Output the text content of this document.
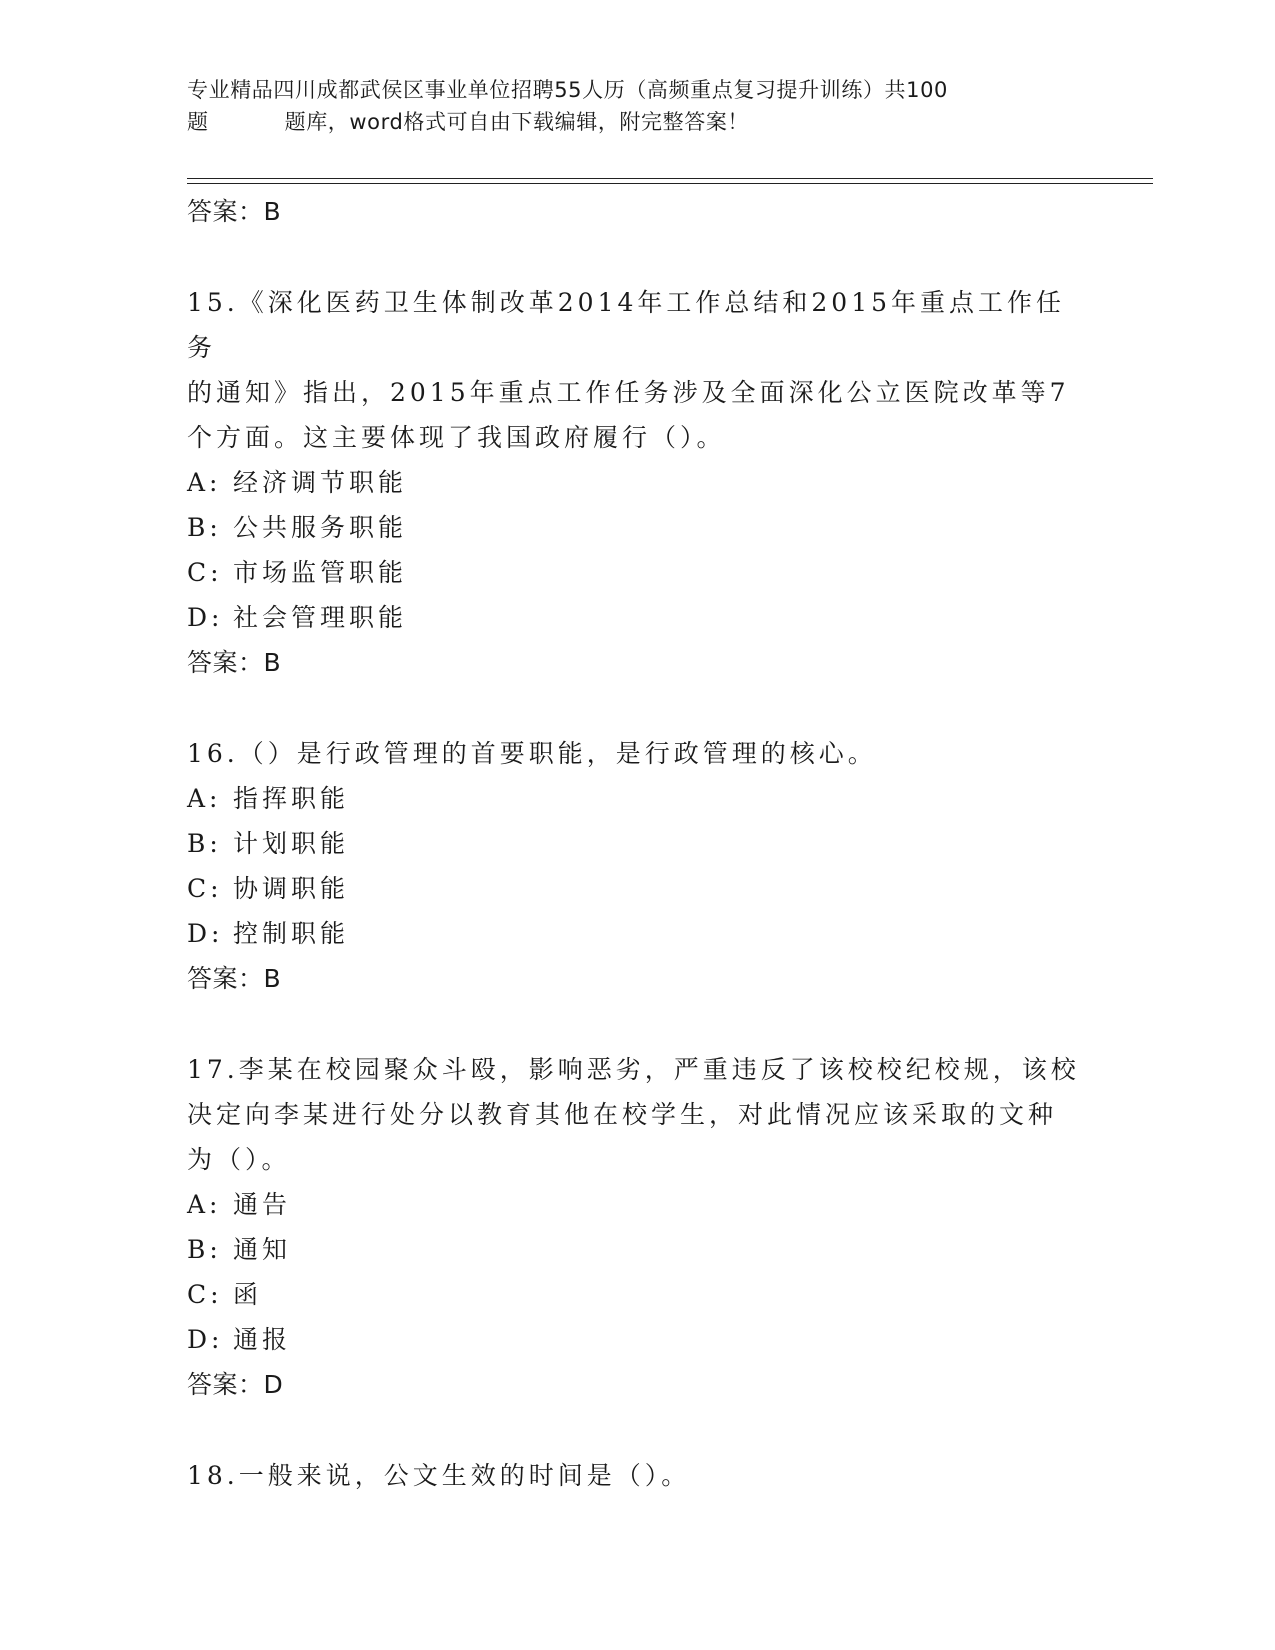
专业精品四川成都武侯区事业单位招聘55人历（高频重点复习提升训练）共100
题	题库，word格式可自由下载编辑，附完整答案！
答案：B
15.《深化医药卫生体制改革2014年工作总结和2015年重点工作任务
的通知》指出，2015年重点工作任务涉及全面深化公立医院改革等7
个方面。这主要体现了我国政府履行（）。
A: 经济调节职能
B: 公共服务职能
C: 市场监管职能
D: 社会管理职能
答案：B
16.（）是行政管理的首要职能，是行政管理的核心。
A: 指挥职能
B: 计划职能
C: 协调职能
D: 控制职能
答案：B
17.李某在校园聚众斗殴，影响恶劣，严重违反了该校校纪校规，该校
决定向李某进行处分以教育其他在校学生，对此情况应该采取的文种
为（）。
A: 通告
B: 通知
C: 函
D: 通报
答案：D
18.一般来说，公文生效的时间是（）。
